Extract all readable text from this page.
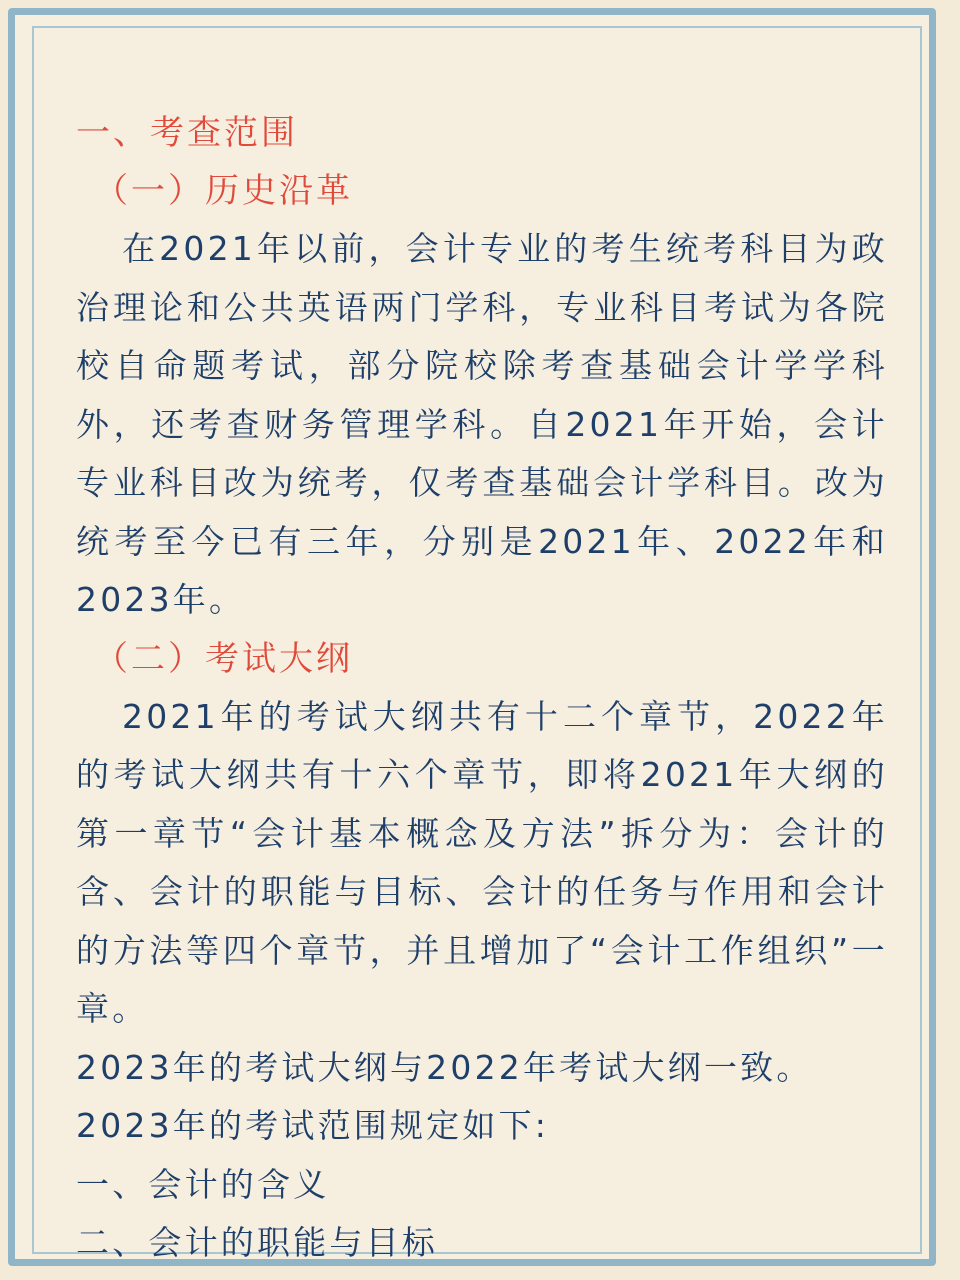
一、考查范围
（一）历史沿革
在2021年以前，会计专业的考生统考科目为政治理论和公共英语两门学科，专业科目考试为各院校自命题考试，部分院校除考查基础会计学学科外，还考查财务管理学科。自2021年开始，会计专业科目改为统考，仅考查基础会计学科目。改为统考至今已有三年，分别是2021年、2022年和2023年。
（二）考试大纲
2021年的考试大纲共有十二个章节，2022年的考试大纲共有十六个章节，即将2021年大纲的第一章节“会计基本概念及方法”拆分为：会计的含、会计的职能与目标、会计的任务与作用和会计的方法等四个章节，并且增加了“会计工作组织”一章。
2023年的考试大纲与2022年考试大纲一致。
2023年的考试范围规定如下:
一、会计的含义
二、会计的职能与目标
